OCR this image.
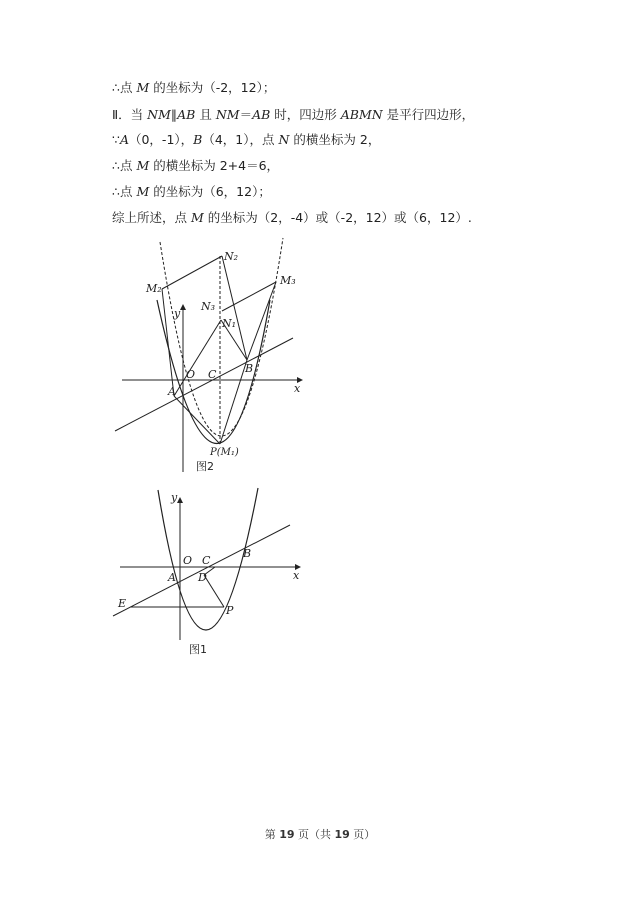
∴点 M 的坐标为（-2，12）；
Ⅱ．当 NM∥AB 且 NM＝AB 时，四边形 ABMN 是平行四边形，
∵A（0，-1），B（4，1），点 N 的横坐标为 2，
∴点 M 的横坐标为 2+4＝6，
∴点 M 的坐标为（6，12）；
综上所述，点 M 的坐标为（2，-4）或（-2，12）或（6，12）.
N₂
M₂
M₃
N₃
N₁
y
O C
A
B
x
P(M₁)
图2
y
O C
B
A D	x
E
P
图1
第 19 页（共 19 页）
